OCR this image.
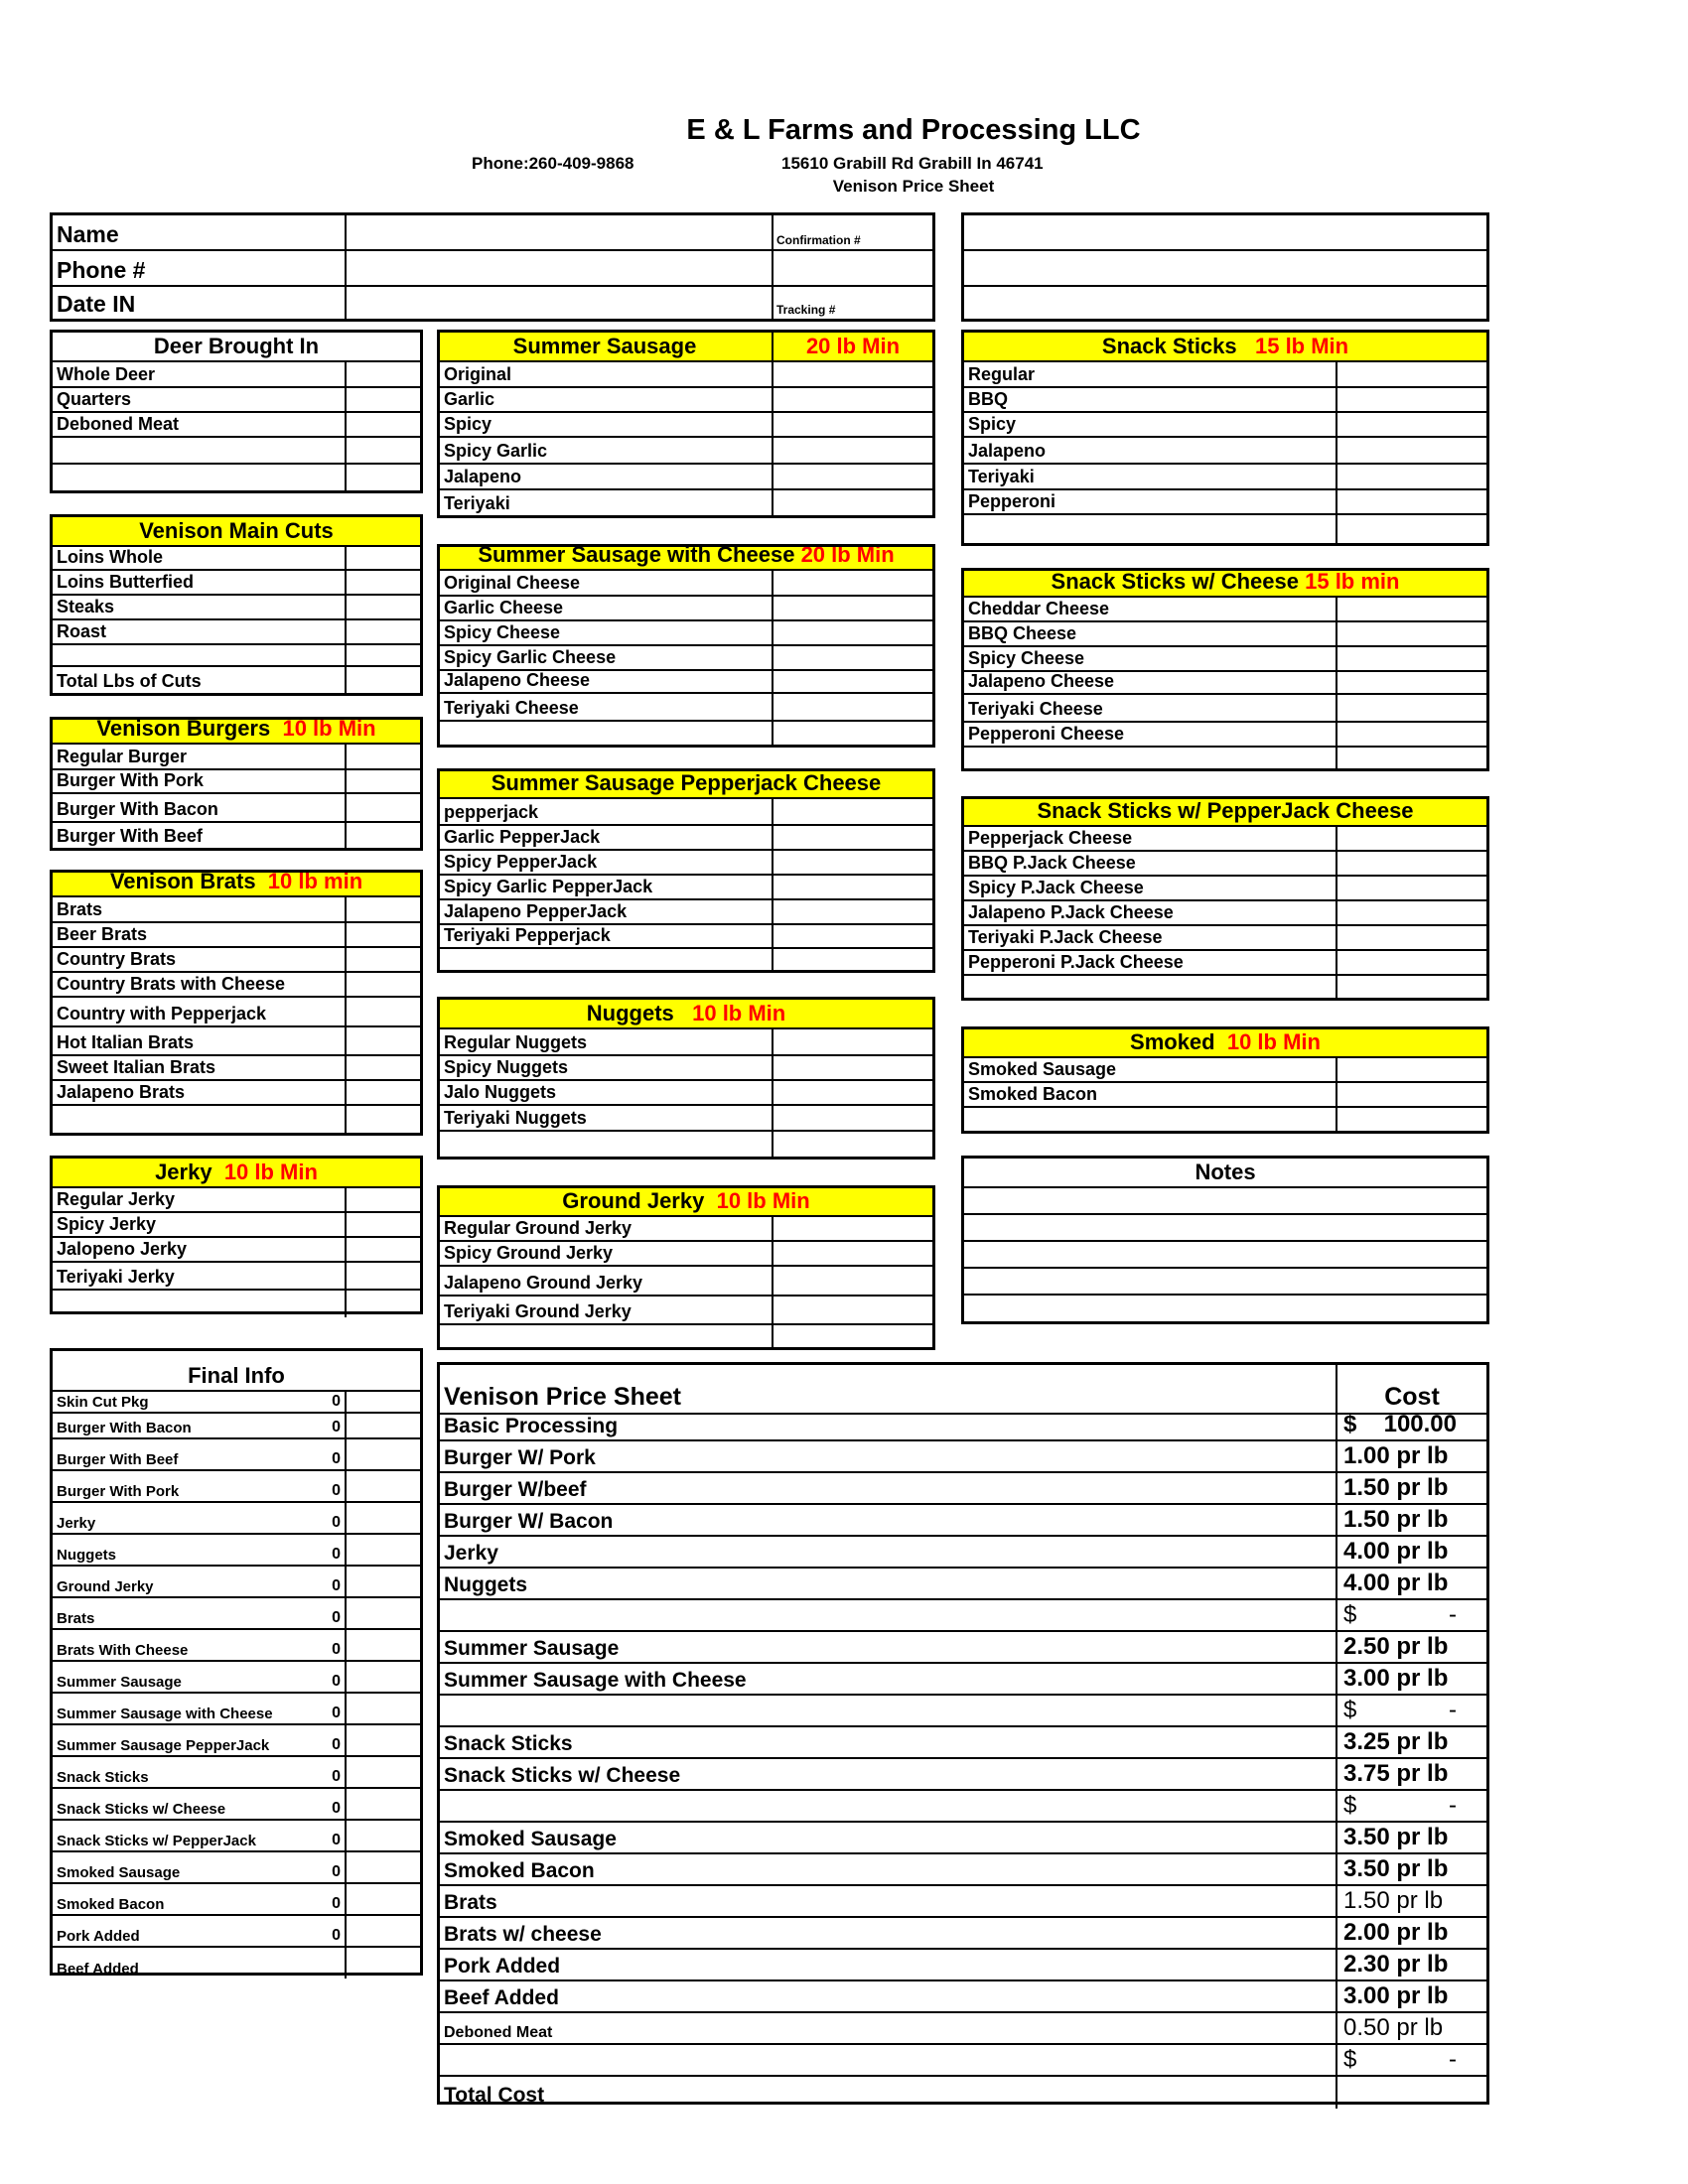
E & L Farms and Processing LLC
Phone:260-409-9868	15610 Grabill Rd Grabill In 46741
Venison Price Sheet
Name	Confirmation #
Phone #
Date IN	Tracking #
Deer Brought In
Whole Deer
Quarters
Deboned Meat
Venison Main Cuts
Loins Whole
Loins Butterfied
Steaks
Roast
Total Lbs of Cuts
Venison Burgers 10 lb Min
Regular Burger
Burger With Pork
Burger With Bacon
Burger With Beef
Venison Brats 10 lb min
Brats
Beer Brats
Country Brats
Country Brats with Cheese
Country with Pepperjack
Hot Italian Brats
Sweet Italian Brats
Jalapeno Brats
Jerky 10 lb Min
Regular Jerky
Spicy Jerky
Jalopeno Jerky
Teriyaki Jerky
Summer Sausage	20 lb Min
Original
Garlic
Spicy
Spicy Garlic
Jalapeno
Teriyaki
Summer Sausage with Cheese 20 lb Min
Original Cheese
Garlic Cheese
Spicy Cheese
Spicy Garlic Cheese
Jalapeno Cheese
Teriyaki Cheese
Summer Sausage Pepperjack Cheese
pepperjack
Garlic PepperJack
Spicy PepperJack
Spicy Garlic PepperJack
Jalapeno PepperJack
Teriyaki Pepperjack
Nuggets 10 lb Min
Regular Nuggets
Spicy Nuggets
Jalo Nuggets
Teriyaki Nuggets
Ground Jerky 10 lb Min
Regular Ground Jerky
Spicy Ground Jerky
Jalapeno Ground Jerky
Teriyaki Ground Jerky
Snack Sticks 15 lb Min
Regular
BBQ
Spicy
Jalapeno
Teriyaki
Pepperoni
Snack Sticks w/ Cheese 15 lb min
Cheddar Cheese
BBQ Cheese
Spicy Cheese
Jalapeno Cheese
Teriyaki Cheese
Pepperoni Cheese
Snack Sticks w/ PepperJack Cheese
Pepperjack Cheese
BBQ P.Jack Cheese
Spicy P.Jack Cheese
Jalapeno P.Jack Cheese
Teriyaki P.Jack Cheese
Pepperoni P.Jack Cheese
Smoked 10 lb Min
Smoked Sausage
Smoked Bacon
Notes
Final Info
Skin Cut Pkg	0
Burger With Bacon	0
Burger With Beef	0
Burger With Pork	0
Jerky	0
Nuggets	0
Ground Jerky	0
Brats	0
Brats With Cheese	0
Summer Sausage	0
Summer Sausage with Cheese	0
Summer Sausage PepperJack	0
Snack Sticks	0
Snack Sticks w/ Cheese	0
Snack Sticks w/ PepperJack	0
Smoked Sausage	0
Smoked Bacon	0
Pork Added	0
Beef Added
Venison Price Sheet	Cost
Basic Processing	$ 100.00
Burger W/ Pork	1.00 pr lb
Burger W/beef	1.50 pr lb
Burger W/ Bacon	1.50 pr lb
Jerky	4.00 pr lb
Nuggets	4.00 pr lb
$	-
Summer Sausage	2.50 pr lb
Summer Sausage with Cheese	3.00 pr lb
$	-
Snack Sticks	3.25 pr lb
Snack Sticks w/ Cheese	3.75 pr lb
$	-
Smoked Sausage	3.50 pr lb
Smoked Bacon	3.50 pr lb
Brats	1.50 pr lb
Brats w/ cheese	2.00 pr lb
Pork Added	2.30 pr lb
Beef Added	3.00 pr lb
Deboned Meat	0.50 pr lb
$	-
Total Cost
